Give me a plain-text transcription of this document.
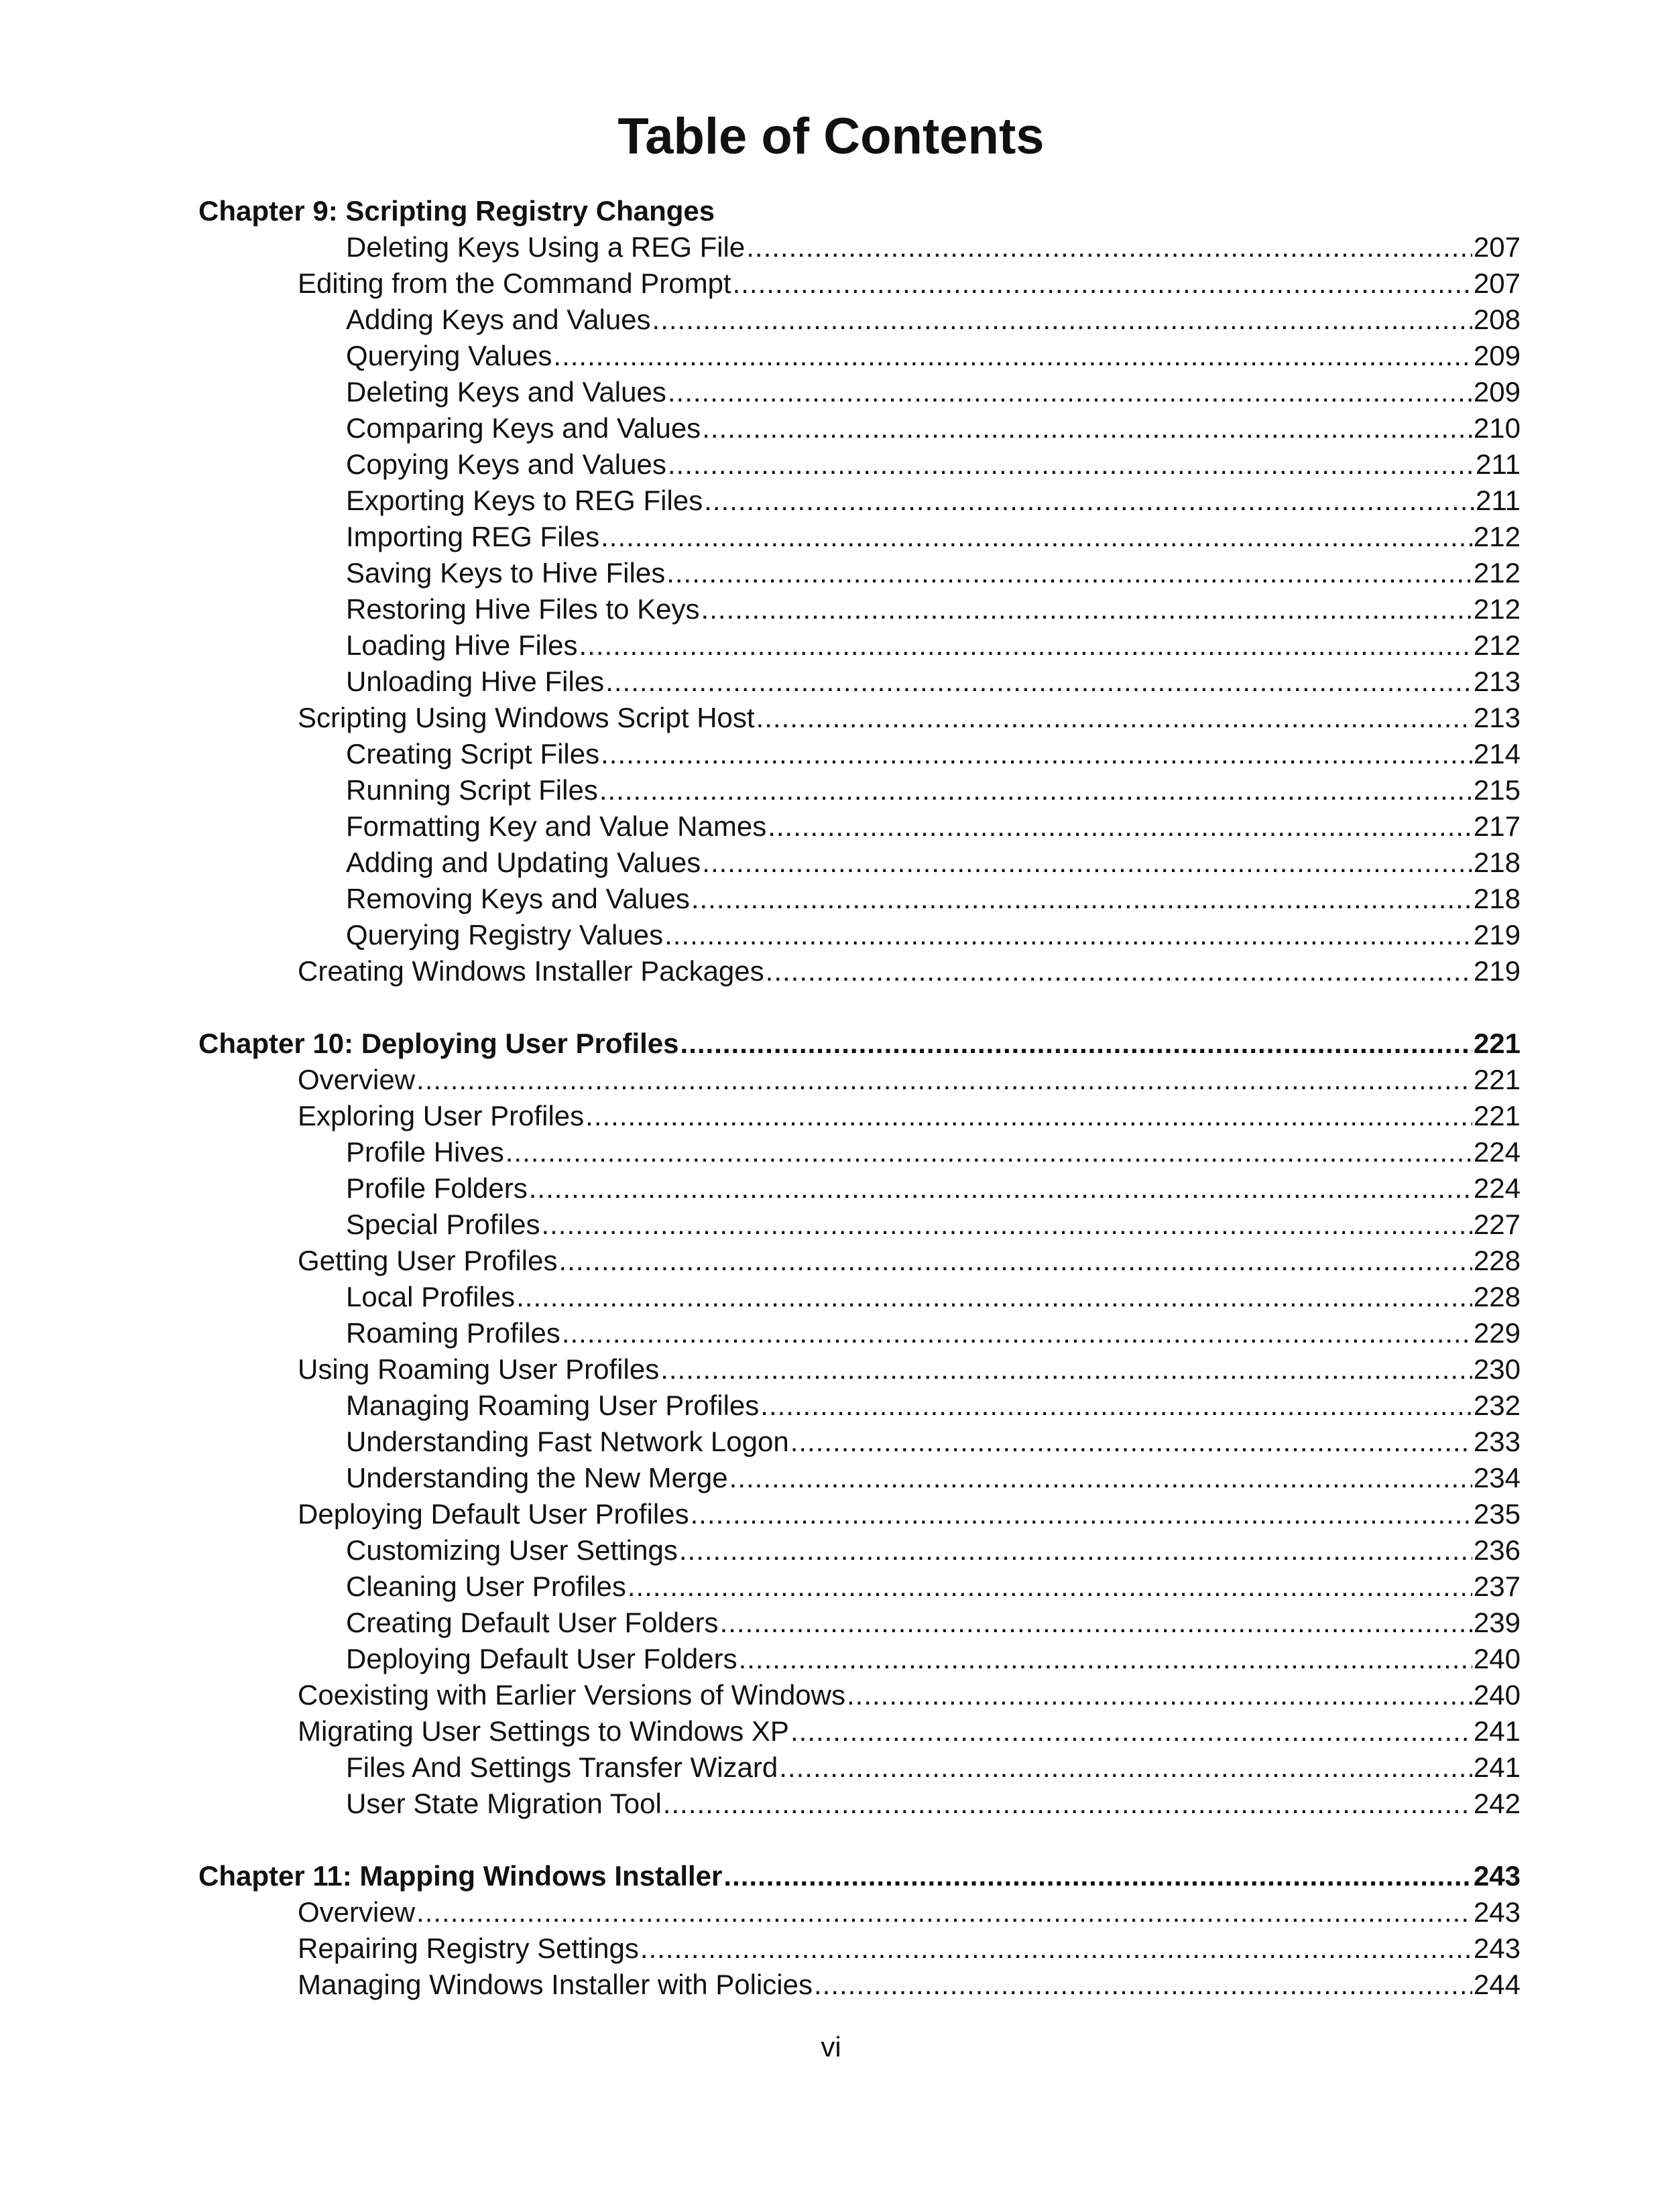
Table of Contents
Chapter 9: Scripting Registry Changes
Deleting Keys Using a REG File .....	207
Editing from the Command Prompt .....	207
Adding Keys and Values .....	208
Querying Values .....	209
Deleting Keys and Values .....	209
Comparing Keys and Values .....	210
Copying Keys and Values .....	211
Exporting Keys to REG Files .....	211
Importing REG Files .....	212
Saving Keys to Hive Files .....	212
Restoring Hive Files to Keys .....	212
Loading Hive Files .....	212
Unloading Hive Files .....	213
Scripting Using Windows Script Host .....	213
Creating Script Files .....	214
Running Script Files .....	215
Formatting Key and Value Names .....	217
Adding and Updating Values .....	218
Removing Keys and Values .....	218
Querying Registry Values .....	219
Creating Windows Installer Packages .....	219
Chapter 10: Deploying User Profiles .....	221
Overview .....	221
Exploring User Profiles .....	221
Profile Hives .....	224
Profile Folders .....	224
Special Profiles .....	227
Getting User Profiles .....	228
Local Profiles .....	228
Roaming Profiles .....	229
Using Roaming User Profiles .....	230
Managing Roaming User Profiles .....	232
Understanding Fast Network Logon .....	233
Understanding the New Merge .....	234
Deploying Default User Profiles .....	235
Customizing User Settings .....	236
Cleaning User Profiles .....	237
Creating Default User Folders .....	239
Deploying Default User Folders .....	240
Coexisting with Earlier Versions of Windows .....	240
Migrating User Settings to Windows XP .....	241
Files And Settings Transfer Wizard .....	241
User State Migration Tool .....	242
Chapter 11: Mapping Windows Installer .....	243
Overview .....	243
Repairing Registry Settings .....	243
Managing Windows Installer with Policies .....	244
vi
